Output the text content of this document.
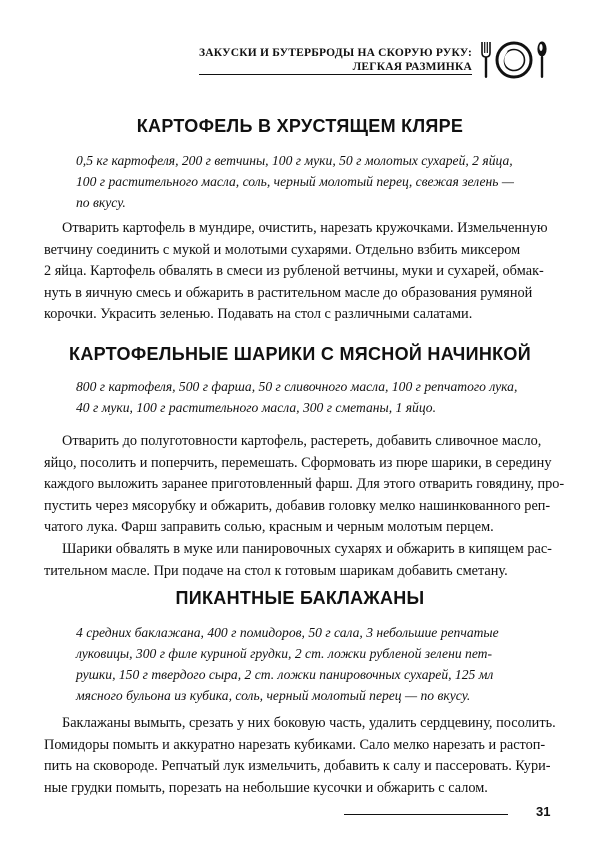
ЗАКУСКИ И БУТЕРБРОДЫ НА СКОРУЮ РУКУ:
ЛЕГКАЯ РАЗМИНКА
КАРТОФЕЛЬ В ХРУСТЯЩЕМ КЛЯРЕ
0,5 кг картофеля, 200 г ветчины, 100 г муки, 50 г молотых сухарей, 2 яйца,
100 г растительного масла, соль, черный молотый перец, свежая зелень —
по вкусу.
Отварить картофель в мундире, очистить, нарезать кружочками. Измельченную
ветчину соединить с мукой и молотыми сухарями. Отдельно взбить миксером
2 яйца. Картофель обвалять в смеси из рубленой ветчины, муки и сухарей, обмак-
нуть в яичную смесь и обжарить в растительном масле до образования румяной
корочки. Украсить зеленью. Подавать на стол с различными салатами.
КАРТОФЕЛЬНЫЕ ШАРИКИ С МЯСНОЙ НАЧИНКОЙ
800 г картофеля, 500 г фарша, 50 г сливочного масла, 100 г репчатого лука,
40 г муки, 100 г растительного масла, 300 г сметаны, 1 яйцо.
Отварить до полуготовности картофель, растереть, добавить сливочное масло,
яйцо, посолить и поперчить, перемешать. Сформовать из пюре шарики, в середину
каждого выложить заранее приготовленный фарш. Для этого отварить говядину, про-
пустить через мясорубку и обжарить, добавив головку мелко нашинкованного реп-
чатого лука. Фарш заправить солью, красным и черным молотым перцем.
Шарики обвалять в муке или панировочных сухарях и обжарить в кипящем рас-
тительном масле. При подаче на стол к готовым шарикам добавить сметану.
ПИКАНТНЫЕ БАКЛАЖАНЫ
4 средних баклажана, 400 г помидоров, 50 г сала, 3 небольшие репчатые
луковицы, 300 г филе куриной грудки, 2 ст. ложки рубленой зелени пет-
рушки, 150 г твердого сыра, 2 ст. ложки панировочных сухарей, 125 мл
мясного бульона из кубика, соль, черный молотый перец — по вкусу.
Баклажаны вымыть, срезать у них боковую часть, удалить сердцевину, посолить.
Помидоры помыть и аккуратно нарезать кубиками. Сало мелко нарезать и растоп-
пить на сковороде. Репчатый лук измельчить, добавить к салу и пассеровать. Кури-
ные грудки помыть, порезать на небольшие кусочки и обжарить с салом.
31
